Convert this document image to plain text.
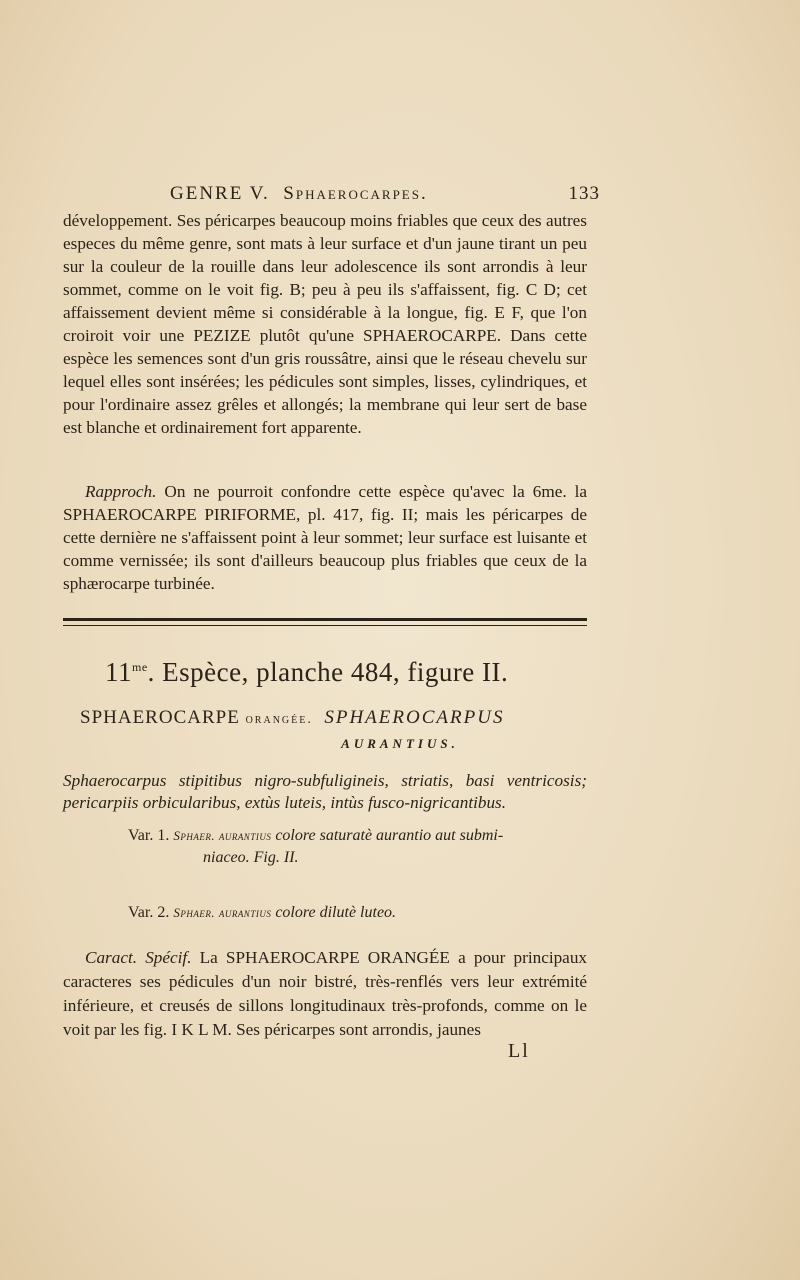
GENRE V. Sphaerocarpes.	133
développement. Ses péricarpes beaucoup moins friables que ceux des autres especes du même genre, sont mats à leur surface et d'un jaune tirant un peu sur la couleur de la rouille dans leur adolescence ils sont arrondis à leur sommet, comme on le voit fig. B; peu à peu ils s'affaissent, fig. C D; cet affaissement devient même si considérable à la longue, fig. E F, que l'on croiroit voir une PEZIZE plutôt qu'une SPHAEROCARPE. Dans cette espèce les semences sont d'un gris roussâtre, ainsi que le réseau chevelu sur lequel elles sont insérées; les pédicules sont simples, lisses, cylindriques, et pour l'ordinaire assez grêles et allongés; la membrane qui leur sert de base est blanche et ordinairement fort apparente.
Rapproch. On ne pourroit confondre cette espèce qu'avec la 6me. la SPHAEROCARPE PIRIFORME, pl. 417, fig. II; mais les péricarpes de cette dernière ne s'affaissent point à leur sommet; leur surface est luisante et comme vernissée; ils sont d'ailleurs beaucoup plus friables que ceux de la sphærocarpe turbinée.
$11^{me}$. Espèce, planche 484, figure II.
SPHAEROCARPE orangée. SPHAEROCARPUS
AURANTIUS.
Sphaerocarpus stipitibus nigro-subfuligineis, striatis, basi ventricosis; pericarpiis orbicularibus, extùs luteis, intùs fusco-nigricantibus.
Var. 1. Sphaer. aurantius colore saturatè aurantio aut submi-
niaceo. Fig. II.
Var. 2. Sphaer. aurantius colore dilutè luteo.
Caract. Spécif. La SPHAEROCARPE ORANGÉE a pour principaux caracteres ses pédicules d'un noir bistré, très-renflés vers leur extrémité inférieure, et creusés de sillons longitudinaux très-profonds, comme on le voit par les fig. I K L M. Ses péricarpes sont arrondis, jaunes
Ll
